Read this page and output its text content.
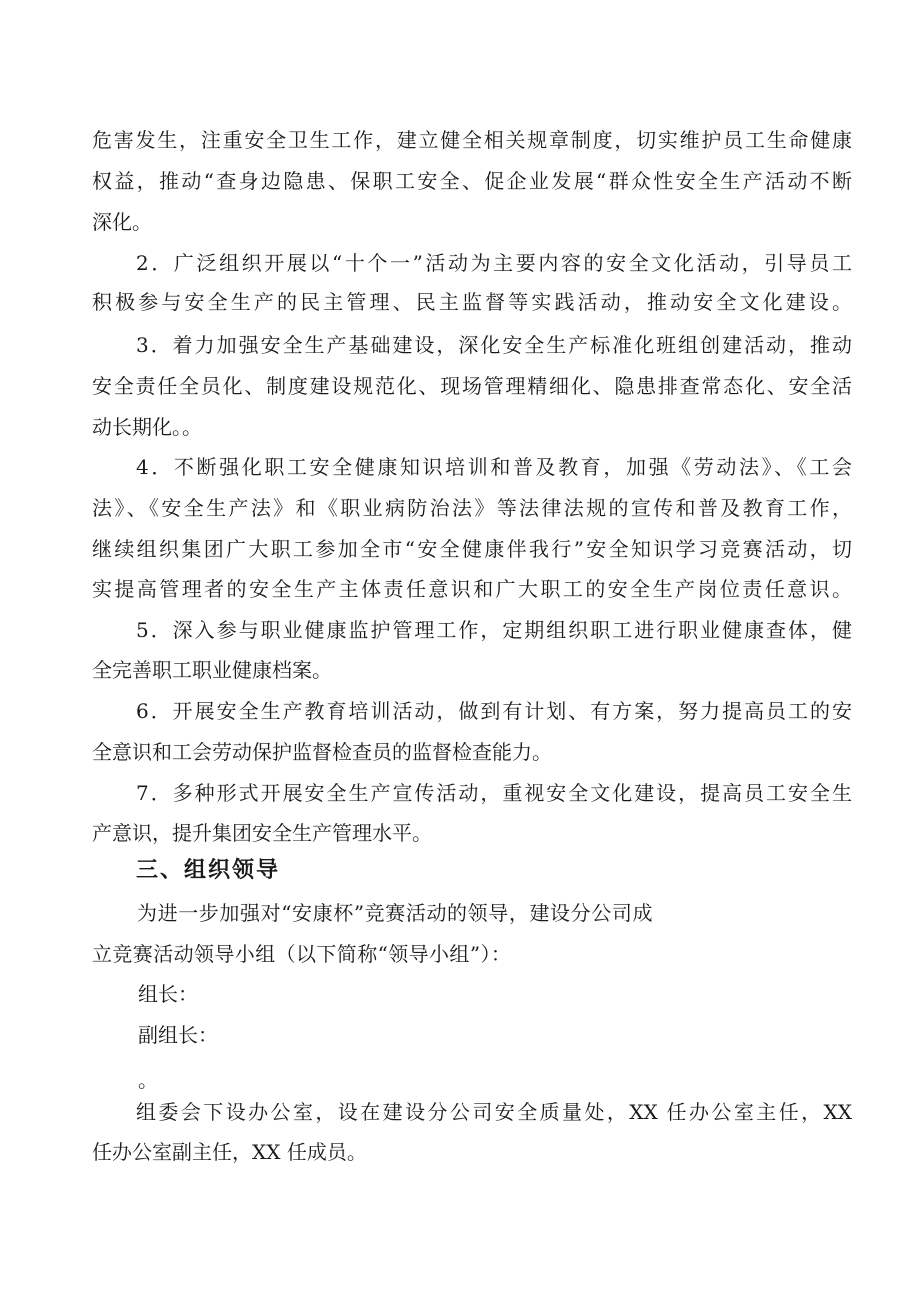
危害发生，注重安全卫生工作，建立健全相关规章制度，切实维护员工生命健康
权益，推动“查身边隐患、保职工安全、促企业发展“群众性安全生产活动不断
深化。
2．广泛组织开展以“十个一”活动为主要内容的安全文化活动，引导员工
积极参与安全生产的民主管理、民主监督等实践活动，推动安全文化建设。
3．着力加强安全生产基础建设，深化安全生产标准化班组创建活动，推动
安全责任全员化、制度建设规范化、现场管理精细化、隐患排查常态化、安全活
动长期化。。
4．不断强化职工安全健康知识培训和普及教育，加强《劳动法》、《工会
法》、《安全生产法》和《职业病防治法》等法律法规的宣传和普及教育工作，
继续组织集团广大职工参加全市“安全健康伴我行”安全知识学习竞赛活动，切
实提高管理者的安全生产主体责任意识和广大职工的安全生产岗位责任意识。
5．深入参与职业健康监护管理工作，定期组织职工进行职业健康查体，健
全完善职工职业健康档案。
6．开展安全生产教育培训活动，做到有计划、有方案，努力提高员工的安
全意识和工会劳动保护监督检查员的监督检查能力。
7．多种形式开展安全生产宣传活动，重视安全文化建设，提高员工安全生
产意识，提升集团安全生产管理水平。
三、组织领导
为进一步加强对“安康杯”竞赛活动的领导，建设分公司成
立竞赛活动领导小组（以下简称“领导小组”）：
组长：
副组长：
。
组委会下设办公室，设在建设分公司安全质量处，XX 任办公室主任，XX
任办公室副主任，XX 任成员。
